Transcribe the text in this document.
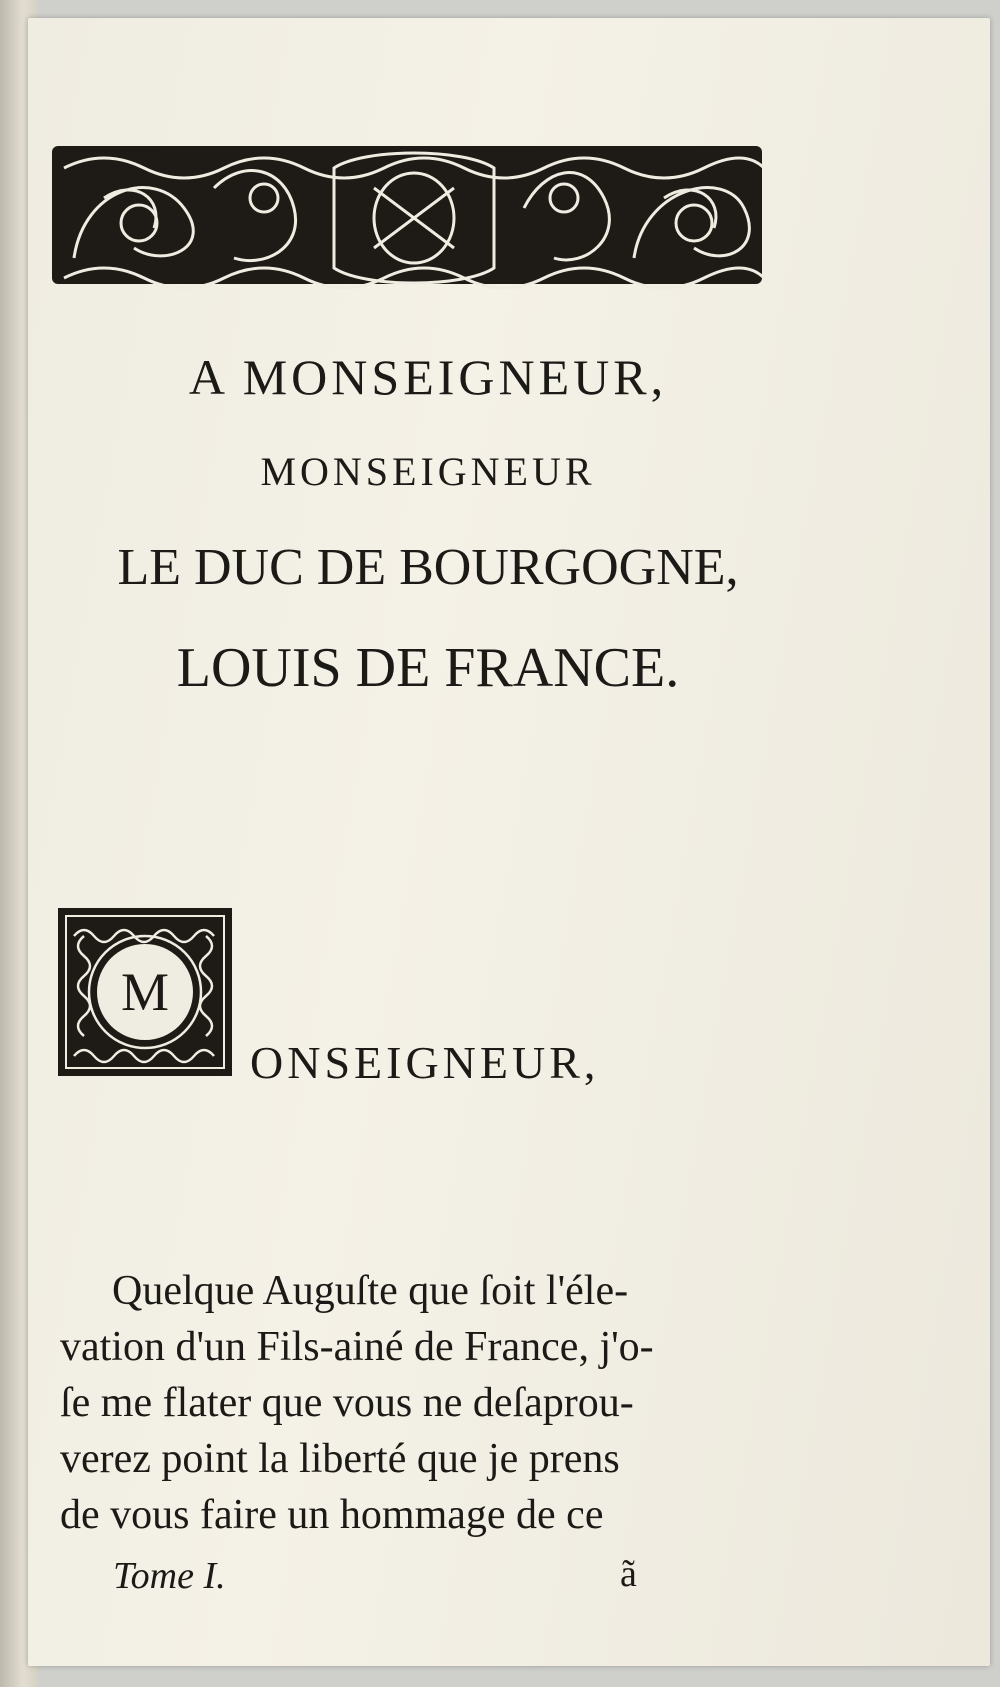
A MONSEIGNEUR,
MONSEIGNEUR
LE DUC DE BOURGOGNE,
LOUIS DE FRANCE.
M
ONSEIGNEUR,
Quelque Auguſte que ſoit l'éle-
vation d'un Fils-ainé de France, j'o-
ſe me flater que vous ne deſaprou-
verez point la liberté que je prens
de vous faire un hommage de ce
Tome I.	ã
